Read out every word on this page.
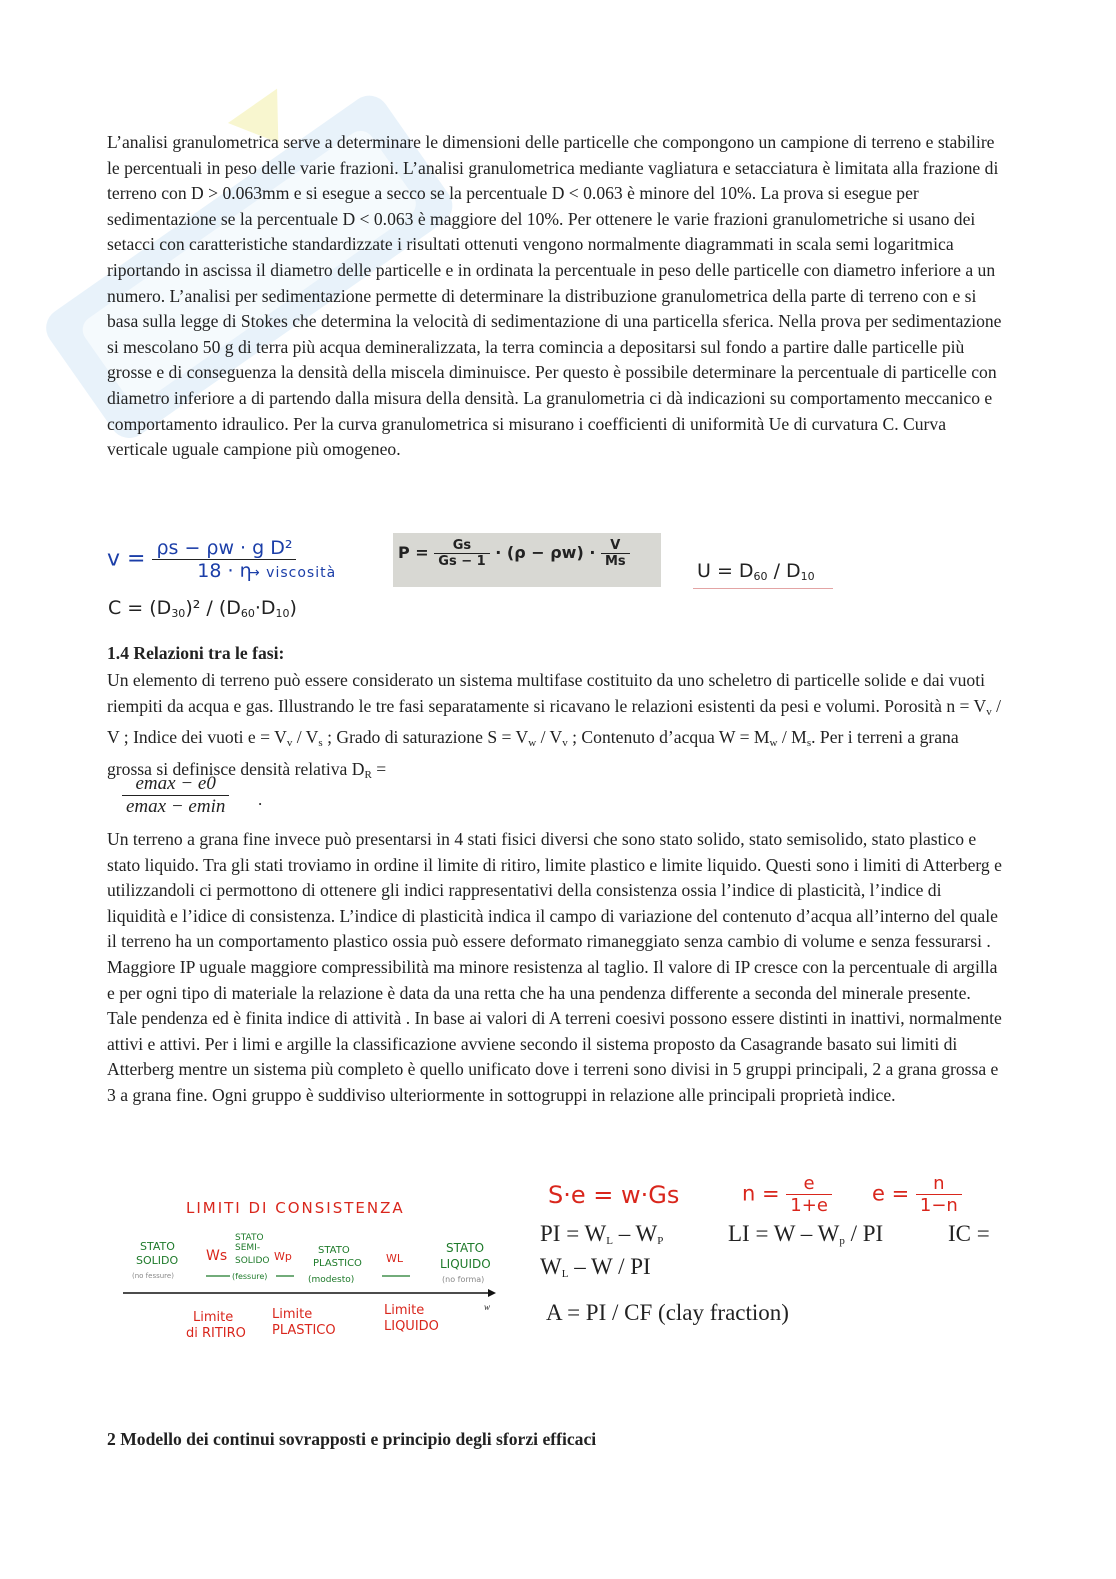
L’analisi granulometrica serve a determinare le dimensioni delle particelle che compongono un campione di terreno e stabilire le percentuali in peso delle varie frazioni. L’analisi granulometrica mediante vagliatura e setacciatura è limitata alla frazione di terreno con D > 0.063mm e si esegue a secco se la percentuale D < 0.063 è minore del 10%. La prova si esegue per sedimentazione se la percentuale D < 0.063 è maggiore del 10%. Per ottenere le varie frazioni granulometriche si usano dei setacci con caratteristiche standardizzate i risultati ottenuti vengono normalmente diagrammati in scala semi logaritmica riportando in ascissa il diametro delle particelle e in ordinata la percentuale in peso delle particelle con diametro inferiore a un numero. L’analisi per sedimentazione permette di determinare la distribuzione granulometrica della parte di terreno con e si basa sulla legge di Stokes che determina la velocità di sedimentazione di una particella sferica. Nella prova per sedimentazione si mescolano 50 g di terra più acqua demineralizzata, la terra comincia a depositarsi sul fondo a partire dalle particelle più grosse e di conseguenza la densità della miscela diminuisce. Per questo è possibile determinare la percentuale di particelle con diametro inferiore a di partendo dalla misura della densità. La granulometria ci dà indicazioni su comportamento meccanico e comportamento idraulico. Per la curva granulometrica si misurano i coefficienti di uniformità Ue di curvatura C. Curva verticale uguale campione più omogeneo.
$v = \frac{\text{ρs − ρw · g D²}}{18 \cdot \eta}$
→ viscosità
$C = (D_{30})^2 / (D_{60}\cdot D_{10})$
$P = \frac{Gs}{Gs - 1} \cdot (\rho - \rho w) \cdot \frac{V}{Ms}$
$U = D_{60} / D_{10}$
1.4 Relazioni tra le fasi:
Un elemento di terreno può essere considerato un sistema multifase costituito da uno scheletro di particelle solide e dai vuoti riempiti da acqua e gas. Illustrando le tre fasi separatamente si ricavano le relazioni esistenti da pesi e volumi. Porosità $n = V_v / V$ ; Indice dei vuoti $e = V_v / V_s$ ; Grado di saturazione $S = V_w / V_v$ ; Contenuto d’acqua $W = M_w / M_s$. Per i terreni a grana grossa si definisce densità relativa $D_R$ =
$\frac{emax - e0}{emax - emin}$ .
Un terreno a grana fine invece può presentarsi in 4 stati fisici diversi che sono stato solido, stato semisolido, stato plastico e stato liquido. Tra gli stati troviamo in ordine il limite di ritiro, limite plastico e limite liquido. Questi sono i limiti di Atterberg e utilizzandoli ci permottono di ottenere gli indici rappresentativi della consistenza ossia l’indice di plasticità, l’indice di liquidità e l’idice di consistenza. L’indice di plasticità indica il campo di variazione del contenuto d’acqua all’interno del quale il terreno ha un comportamento plastico ossia può essere deformato rimaneggiato senza cambio di volume e senza fessurarsi . Maggiore IP uguale maggiore compressibilità ma minore resistenza al taglio. Il valore di IP cresce con la percentuale di argilla e per ogni tipo di materiale la relazione è data da una retta che ha una pendenza differente a seconda del minerale presente. Tale pendenza ed è finita indice di attività . In base ai valori di A terreni coesivi possono essere distinti in inattivi, normalmente attivi e attivi. Per i limi e argille la classificazione avviene secondo il sistema proposto da Casagrande basato sui limiti di Atterberg mentre un sistema più completo è quello unificato dove i terreni sono divisi in 5 gruppi principali, 2 a grana grossa e 3 a grana fine. Ogni gruppo è suddiviso ulteriormente in sottogruppi in relazione alle principali proprietà indice.
LIMITI DI CONSISTENZA
w
STATO
SOLIDO
STATO
SEMI-
SOLIDO
STATO
PLASTICO
STATO
LIQUIDO
(no fessure)	(fessure)	(modesto)	(no forma)
Ws	Wp	WL
Limite
di RITIRO
Limite
PLASTICO
Limite
LIQUIDO
S·e = w·Gs	$n = \frac{e}{1+e}$ $e = \frac{n}{1-n}$
PI = $W_L - W_P$	LI = W – $W_p$ / PI	IC =
$W_L$ – W / PI
A = PI / CF (clay fraction)
2 Modello dei continui sovrapposti e principio degli sforzi efficaci
